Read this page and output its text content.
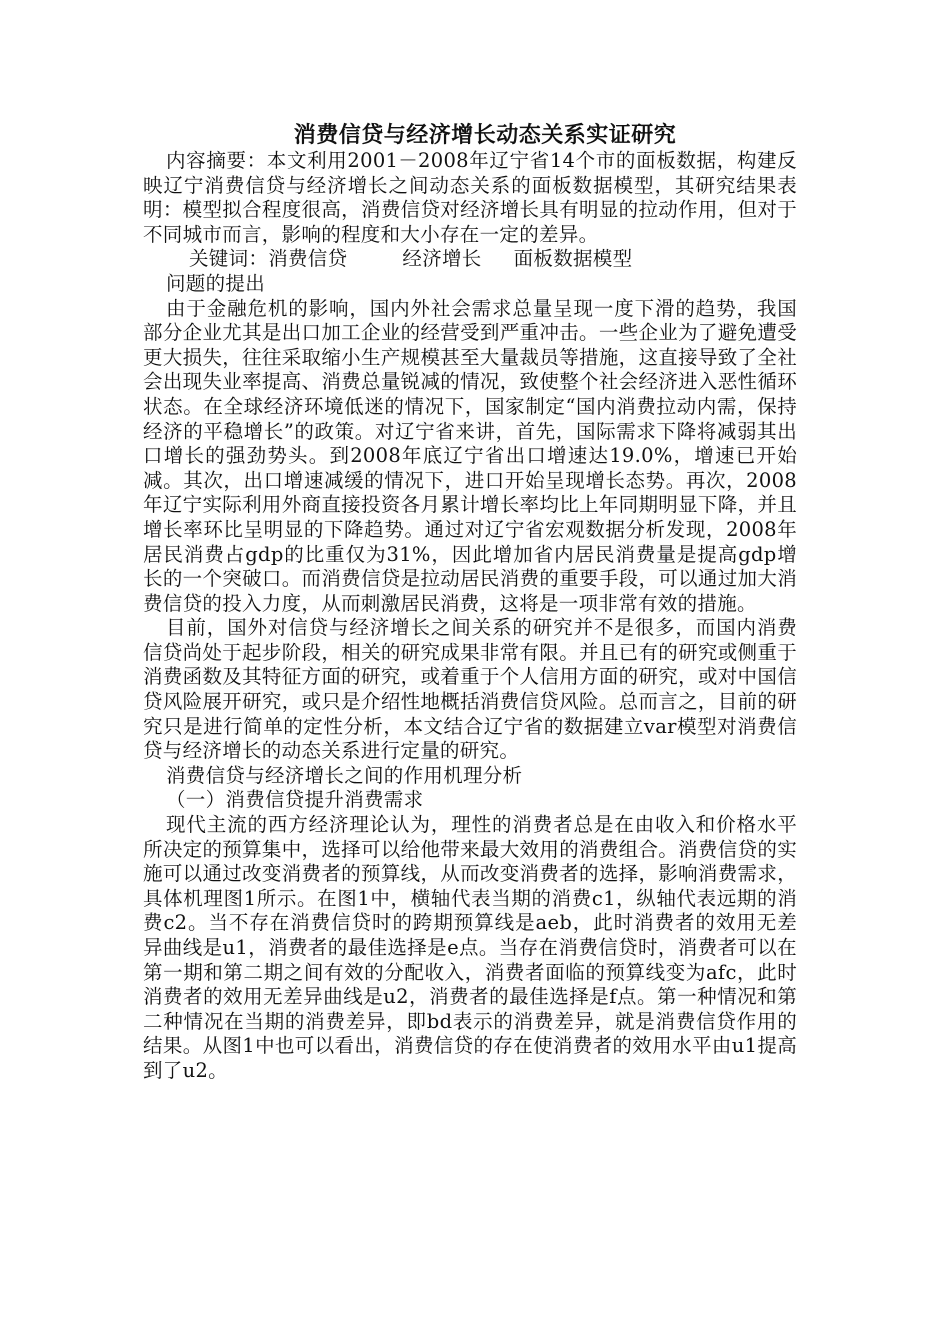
消费信贷与经济增长动态关系实证研究

内容摘要：本文利用2001－2008年辽宁省14个市的面板数据，构建反映辽宁消费信贷与经济增长之间动态关系的面板数据模型，其研究结果表明：模型拟合程度很高，消费信贷对经济增长具有明显的拉动作用，但对于不同城市而言，影响的程度和大小存在一定的差异。

关键词：消费信贷	经济增长 面板数据模型

问题的提出

由于金融危机的影响，国内外社会需求总量呈现一度下滑的趋势，我国部分企业尤其是出口加工企业的经营受到严重冲击。一些企业为了避免遭受更大损失，往往采取缩小生产规模甚至大量裁员等措施，这直接导致了全社会出现失业率提高、消费总量锐减的情况，致使整个社会经济进入恶性循环状态。在全球经济环境低迷的情况下，国家制定“国内消费拉动内需，保持经济的平稳增长”的政策。对辽宁省来讲，首先，国际需求下降将减弱其出口增长的强劲势头。到2008年底辽宁省出口增速达19.0%，增速已开始减。其次，出口增速减缓的情况下，进口开始呈现增长态势。再次，2008年辽宁实际利用外商直接投资各月累计增长率均比上年同期明显下降，并且增长率环比呈明显的下降趋势。通过对辽宁省宏观数据分析发现，2008年居民消费占gdp的比重仅为31%，因此增加省内居民消费量是提高gdp增长的一个突破口。而消费信贷是拉动居民消费的重要手段，可以通过加大消费信贷的投入力度，从而刺激居民消费，这将是一项非常有效的措施。

目前，国外对信贷与经济增长之间关系的研究并不是很多，而国内消费信贷尚处于起步阶段，相关的研究成果非常有限。并且已有的研究或侧重于消费函数及其特征方面的研究，或着重于个人信用方面的研究，或对中国信贷风险展开研究，或只是介绍性地概括消费信贷风险。总而言之，目前的研究只是进行简单的定性分析，本文结合辽宁省的数据建立var模型对消费信贷与经济增长的动态关系进行定量的研究。

消费信贷与经济增长之间的作用机理分析

（一）消费信贷提升消费需求

现代主流的西方经济理论认为，理性的消费者总是在由收入和价格水平所决定的预算集中，选择可以给他带来最大效用的消费组合。消费信贷的实施可以通过改变消费者的预算线，从而改变消费者的选择，影响消费需求，具体机理图1所示。在图1中，横轴代表当期的消费c1，纵轴代表远期的消费c2。当不存在消费信贷时的跨期预算线是aeb，此时消费者的效用无差异曲线是u1，消费者的最佳选择是e点。当存在消费信贷时，消费者可以在第一期和第二期之间有效的分配收入，消费者面临的预算线变为afc，此时消费者的效用无差异曲线是u2，消费者的最佳选择是f点。第一种情况和第二种情况在当期的消费差异，即bd表示的消费差异，就是消费信贷作用的结果。从图1中也可以看出，消费信贷的存在使消费者的效用水平由u1提高到了u2。
